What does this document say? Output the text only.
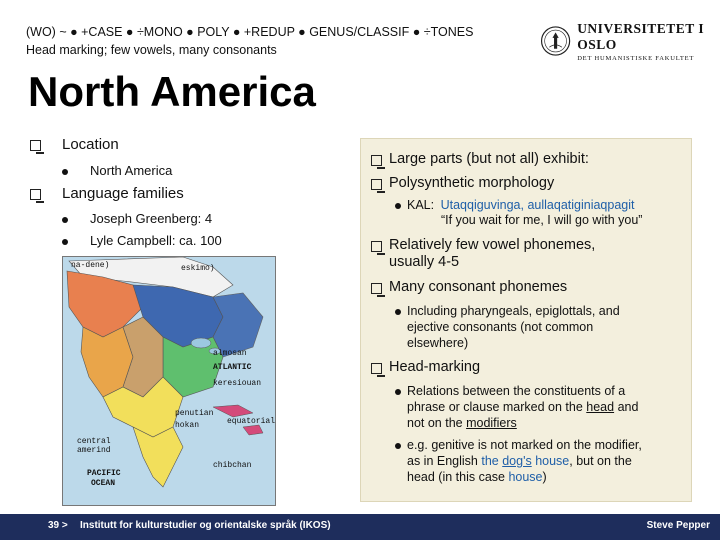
(WO) ~ ● +CASE ● ÷MONO ● POLY ● +REDUP ● GENUS/CLASSIF ● ÷TONES
Head marking; few vowels, many consonants
UNIVERSITETET I OSLO
DET HUMANISTISKE FAKULTET
North America
Location
North America
Language families
Joseph Greenberg: 4
Lyle Campbell: ca. 100
na-dene)	eskimo)
almosan
ATLANTIC
keresiouan
penutian
hokan	equatorial
central
amerind
chibchan
PACIFIC
OCEAN
Large parts (but not all) exhibit:
Polysynthetic morphology
KAL: Utaqqiguvinga, aullaqatiginiaqpagit
“If you wait for me, I will go with you”
Relatively few vowel phonemes,
usually 4-5
Many consonant phonemes
Including pharyngeals, epiglottals, and
ejective consonants (not common
elsewhere)
Head-marking
Relations between the constituents of a
phrase or clause marked on the head and
not on the modifiers
e.g. genitive is not marked on the modifier,
as in English the dog's house, but on the
head (in this case house)
39 > Institutt for kulturstudier og orientalske språk (IKOS)	Steve Pepper
